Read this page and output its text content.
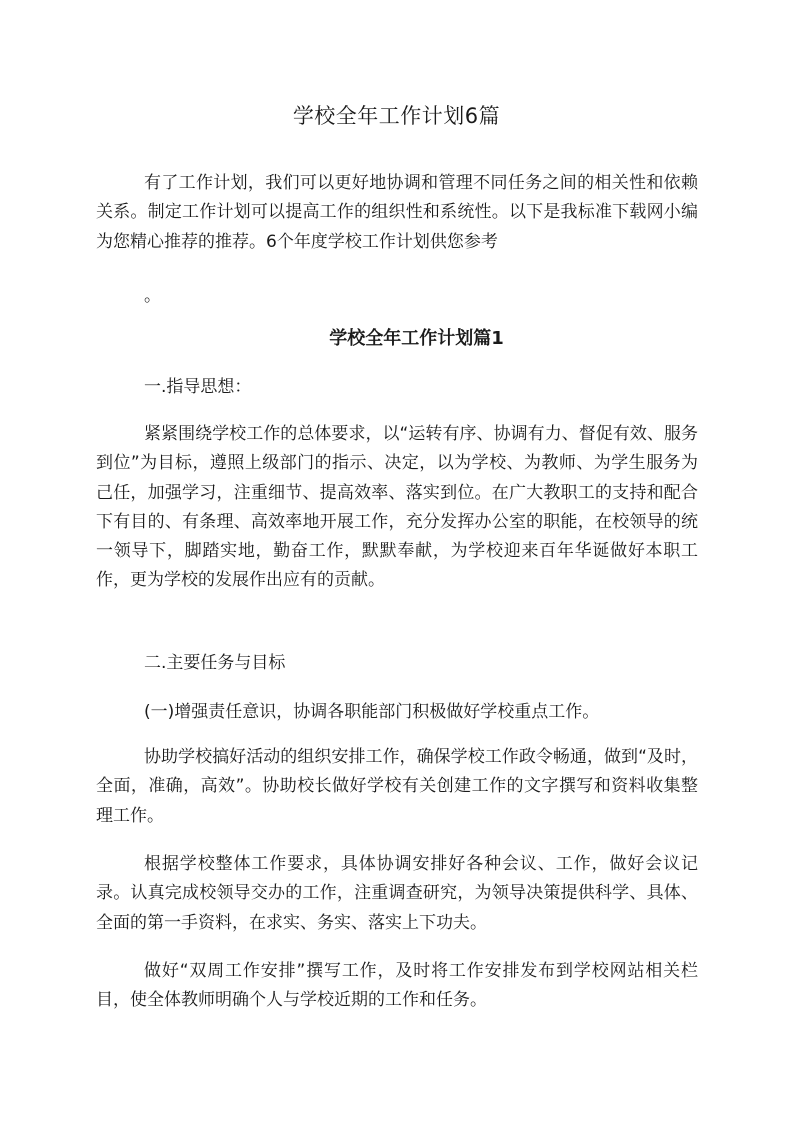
学校全年工作计划6篇

有了工作计划，我们可以更好地协调和管理不同任务之间的相关性和依赖关系。制定工作计划可以提高工作的组织性和系统性。以下是我标准下载网小编为您精心推荐的推荐。6个年度学校工作计划供您参考

。
学校全年工作计划篇1
一.指导思想：

紧紧围绕学校工作的总体要求，以“运转有序、协调有力、督促有效、服务到位”为目标，遵照上级部门的指示、决定，以为学校、为教师、为学生服务为己任，加强学习，注重细节、提高效率、落实到位。在广大教职工的支持和配合下有目的、有条理、高效率地开展工作，充分发挥办公室的职能，在校领导的统一领导下，脚踏实地，勤奋工作，默默奉献，为学校迎来百年华诞做好本职工作，更为学校的发展作出应有的贡献。

二.主要任务与目标
(一)增强责任意识，协调各职能部门积极做好学校重点工作。

协助学校搞好活动的组织安排工作，确保学校工作政令畅通，做到“及时，全面，准确，高效”。协助校长做好学校有关创建工作的文字撰写和资料收集整理工作。

根据学校整体工作要求，具体协调安排好各种会议、工作，做好会议记录。认真完成校领导交办的工作，注重调查研究，为领导决策提供科学、具体、全面的第一手资料，在求实、务实、落实上下功夫。

做好“双周工作安排”撰写工作，及时将工作安排发布到学校网站相关栏目，使全体教师明确个人与学校近期的工作和任务。
